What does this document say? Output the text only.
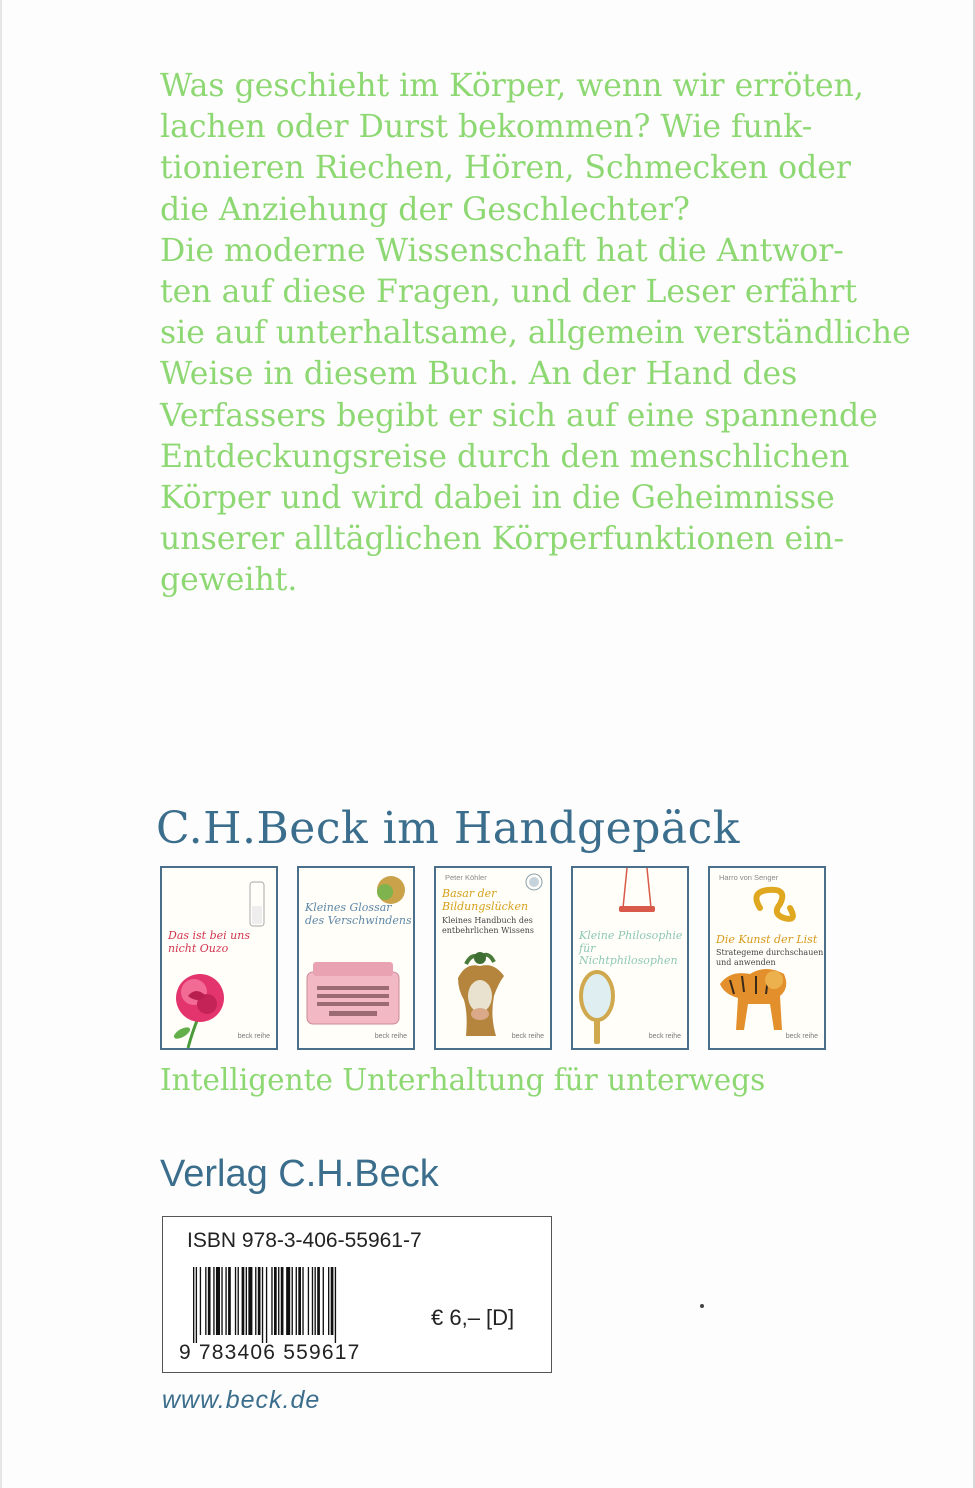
Was geschieht im Körper, wenn wir erröten,
lachen oder Durst bekommen? Wie funk-
tionieren Riechen, Hören, Schmecken oder
die Anziehung der Geschlechter?
Die moderne Wissenschaft hat die Antwor-
ten auf diese Fragen, und der Leser erfährt
sie auf unterhaltsame, allgemein verständliche
Weise in diesem Buch. An der Hand des
Verfassers begibt er sich auf eine spannende
Entdeckungsreise durch den menschlichen
Körper und wird dabei in die Geheimnisse
unserer alltäglichen Körperfunktionen ein-
geweiht.
C.H.Beck im Handgepäck
Das ist bei uns nicht Ouzo
beck reihe
Kleines Glossar des Verschwindens
beck reihe
Peter Köhler
Basar der Bildungslücken
Kleines Handbuch des entbehrlichen Wissens
beck reihe
Kleine Philosophie für Nichtphilosophen
beck reihe
Harro von Senger
Die Kunst der List
Strategeme durchschauen und anwenden
beck reihe

Intelligente Unterhaltung für unterwegs

Verlag C.H.Beck

ISBN 978-3-406-55961-7
9 783406 559617
€ 6,– [D]

www.beck.de
